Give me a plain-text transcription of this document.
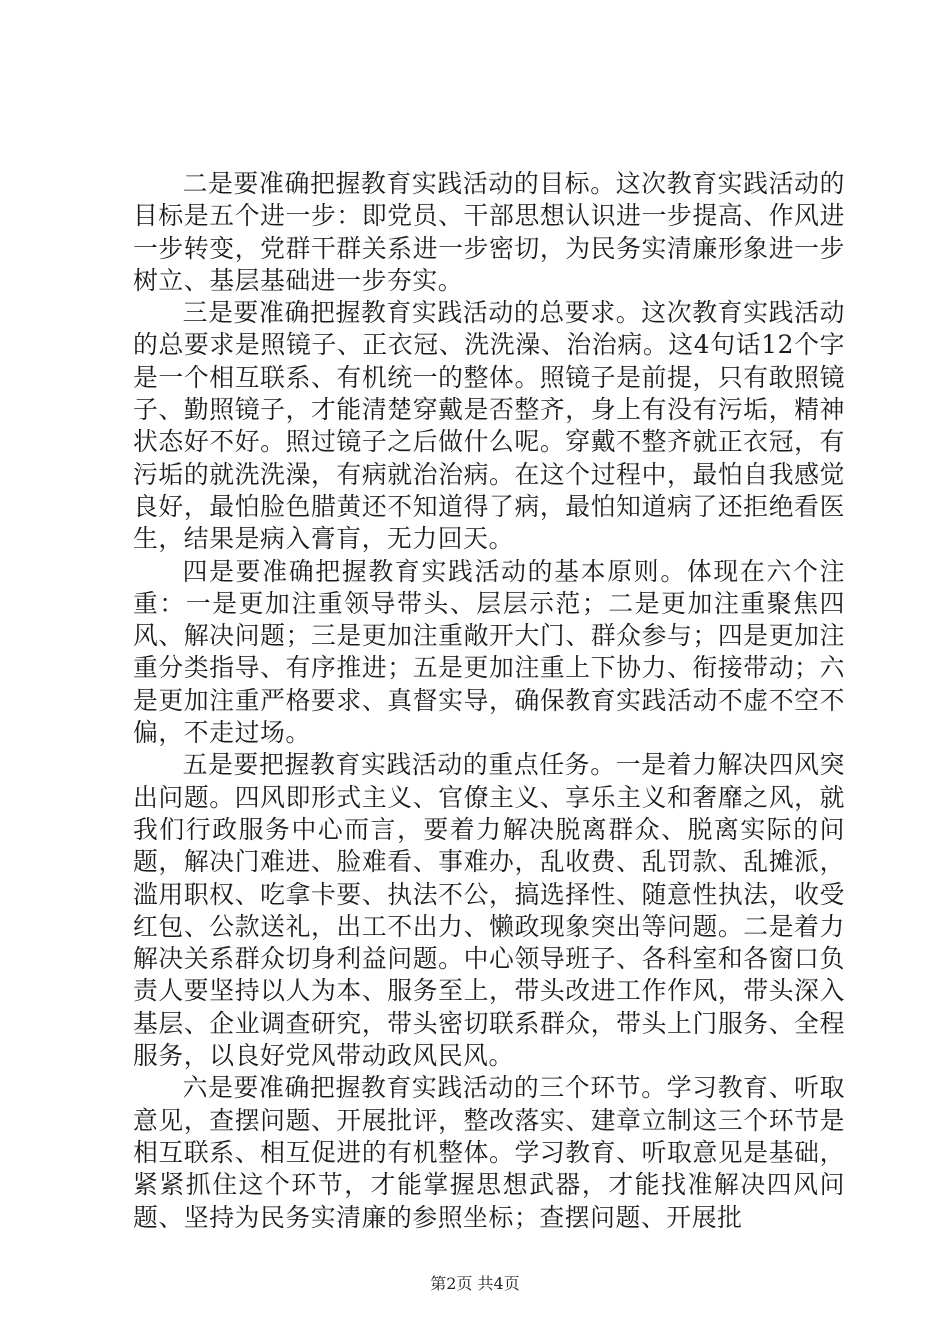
二是要准确把握教育实践活动的目标。这次教育实践活动的目标是五个进一步：即党员、干部思想认识进一步提高、作风进一步转变，党群干群关系进一步密切，为民务实清廉形象进一步树立、基层基础进一步夯实。

三是要准确把握教育实践活动的总要求。这次教育实践活动的总要求是照镜子、正衣冠、洗洗澡、治治病。这4句话12个字是一个相互联系、有机统一的整体。照镜子是前提，只有敢照镜子、勤照镜子，才能清楚穿戴是否整齐，身上有没有污垢，精神状态好不好。照过镜子之后做什么呢。穿戴不整齐就正衣冠，有污垢的就洗洗澡，有病就治治病。在这个过程中，最怕自我感觉良好，最怕脸色腊黄还不知道得了病，最怕知道病了还拒绝看医生，结果是病入膏肓，无力回天。

四是要准确把握教育实践活动的基本原则。体现在六个注重：一是更加注重领导带头、层层示范；二是更加注重聚焦四风、解决问题；三是更加注重敞开大门、群众参与；四是更加注重分类指导、有序推进；五是更加注重上下协力、衔接带动；六是更加注重严格要求、真督实导，确保教育实践活动不虚不空不偏，不走过场。

五是要把握教育实践活动的重点任务。一是着力解决四风突出问题。四风即形式主义、官僚主义、享乐主义和奢靡之风，就我们行政服务中心而言，要着力解决脱离群众、脱离实际的问题，解决门难进、脸难看、事难办，乱收费、乱罚款、乱摊派，滥用职权、吃拿卡要、执法不公，搞选择性、随意性执法，收受红包、公款送礼，出工不出力、懒政现象突出等问题。二是着力解决关系群众切身利益问题。中心领导班子、各科室和各窗口负责人要坚持以人为本、服务至上，带头改进工作作风，带头深入基层、企业调查研究，带头密切联系群众，带头上门服务、全程服务，以良好党风带动政风民风。

六是要准确把握教育实践活动的三个环节。学习教育、听取意见，查摆问题、开展批评，整改落实、建章立制这三个环节是相互联系、相互促进的有机整体。学习教育、听取意见是基础，紧紧抓住这个环节，才能掌握思想武器，才能找准解决四风问题、坚持为民务实清廉的参照坐标；查摆问题、开展批

第2页 共4页
